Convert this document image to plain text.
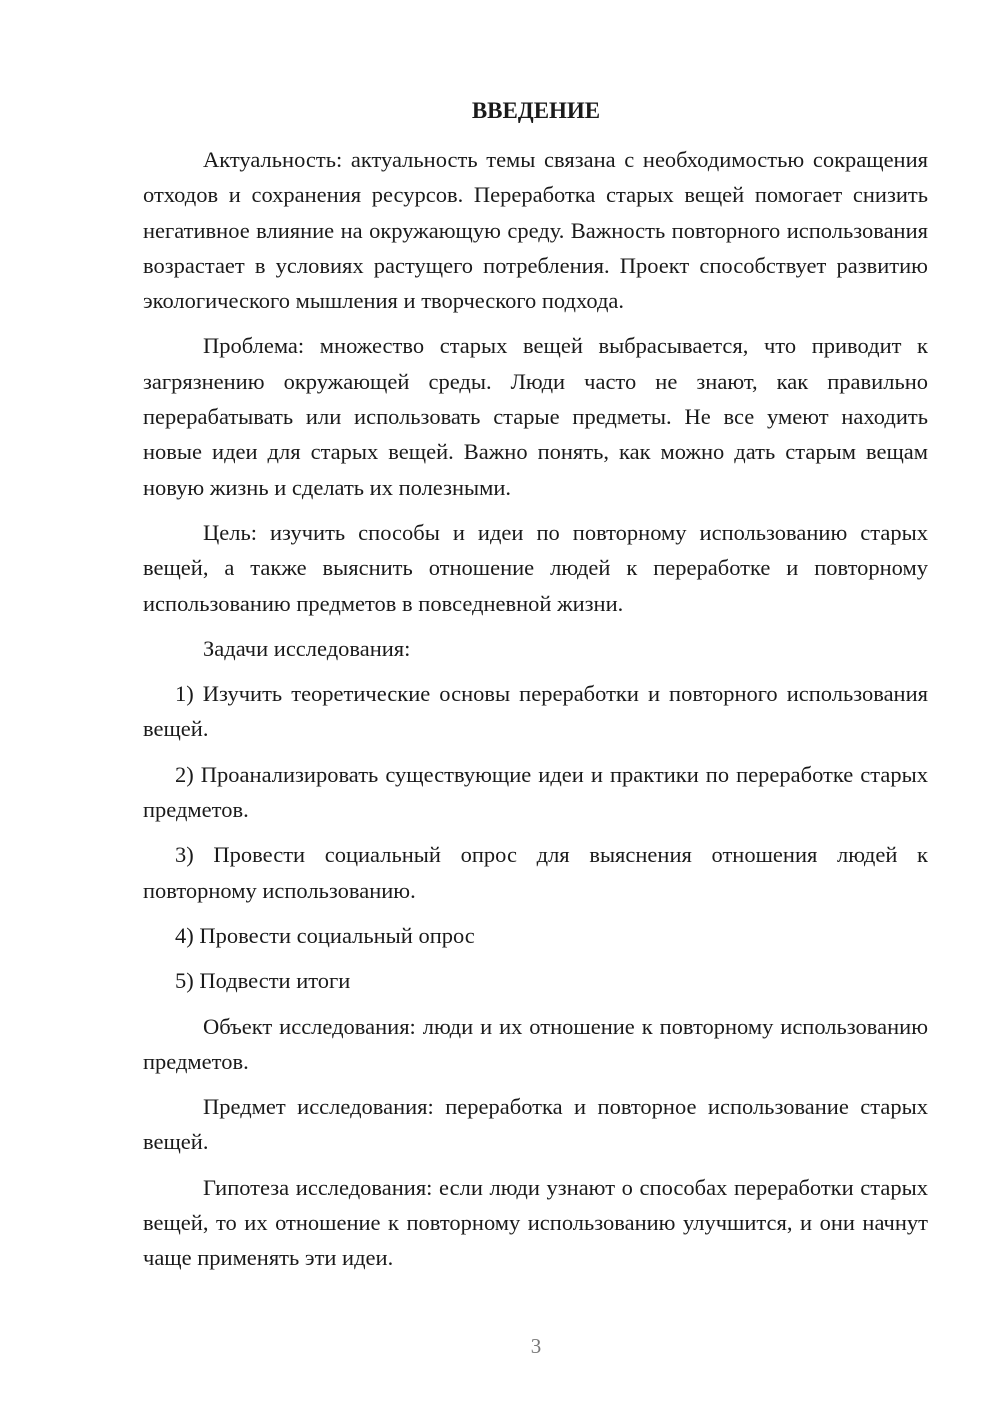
ВВЕДЕНИЕ

Актуальность: актуальность темы связана с необходимостью сокращения отходов и сохранения ресурсов. Переработка старых вещей помогает снизить негативное влияние на окружающую среду. Важность повторного использования возрастает в условиях растущего потребления. Проект способствует развитию экологического мышления и творческого подхода.

Проблема: множество старых вещей выбрасывается, что приводит к загрязнению окружающей среды. Люди часто не знают, как правильно перерабатывать или использовать старые предметы. Не все умеют находить новые идеи для старых вещей. Важно понять, как можно дать старым вещам новую жизнь и сделать их полезными.

Цель: изучить способы и идеи по повторному использованию старых вещей, а также выяснить отношение людей к переработке и повторному использованию предметов в повседневной жизни.

Задачи исследования:

1) Изучить теоретические основы переработки и повторного использования вещей.

2) Проанализировать существующие идеи и практики по переработке старых предметов.

3) Провести социальный опрос для выяснения отношения людей к повторному использованию.

4) Провести социальный опрос

5) Подвести итоги

Объект исследования: люди и их отношение к повторному использованию предметов.

Предмет исследования: переработка и повторное использование старых вещей.

Гипотеза исследования: если люди узнают о способах переработки старых вещей, то их отношение к повторному использованию улучшится, и они начнут чаще применять эти идеи.

3
